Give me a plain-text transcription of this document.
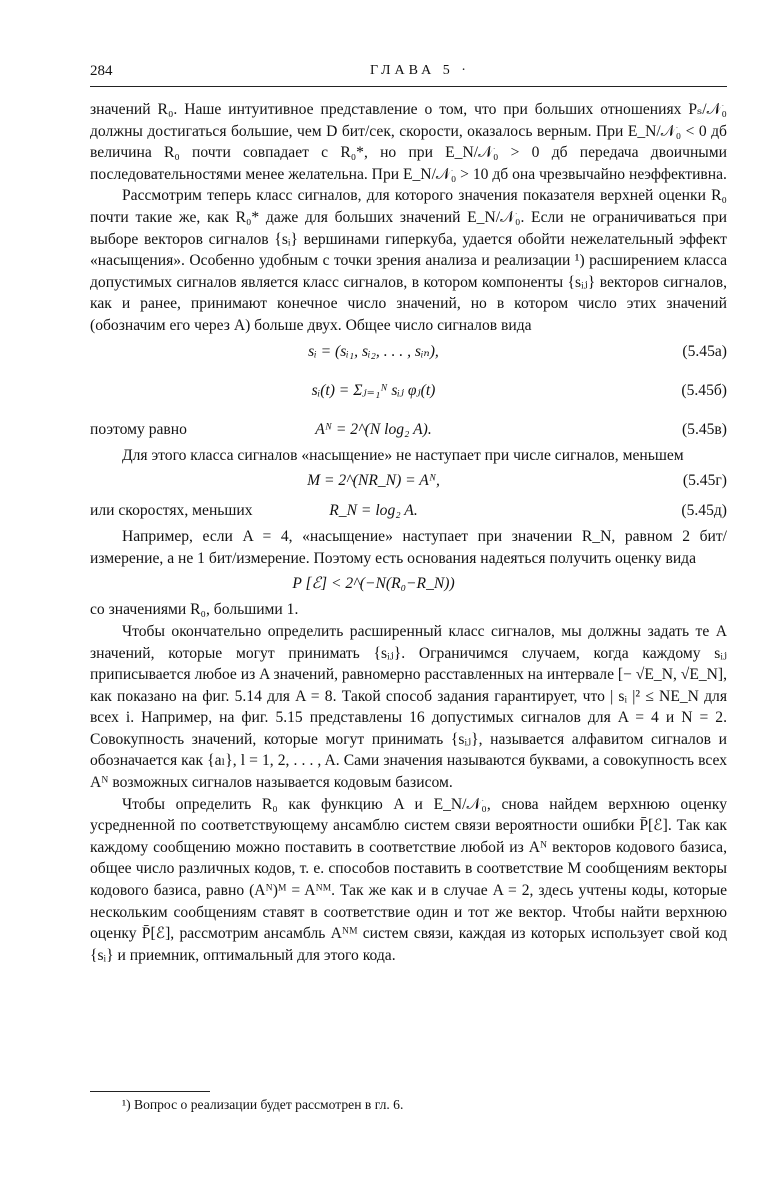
284	ГЛАВА 5 ·

значений R₀. Наше интуитивное представление о том, что при больших отношениях Pₛ/𝒩₀ должны достигаться большие, чем D бит/сек, скорости, оказалось верным. При E_N/𝒩₀ < 0 дб величина R₀ почти совпадает с R₀*, но при E_N/𝒩₀ > 0 дб передача двоичными последовательностями менее желательна. При E_N/𝒩₀ > 10 дб она чрезвычайно неэффективна.

Рассмотрим теперь класс сигналов, для которого значения показателя верхней оценки R₀ почти такие же, как R₀* даже для больших значений E_N/𝒩₀. Если не ограничиваться при выборе векторов сигналов {sᵢ} вершинами гиперкуба, удается обойти нежелательный эффект «насыщения». Особенно удобным с точки зрения анализа и реализации ¹) расширением класса допустимых сигналов является класс сигналов, в котором компоненты {sᵢⱼ} векторов сигналов, как и ранее, принимают конечное число значений, но в котором число этих значений (обозначим его через A) больше двух. Общее число сигналов вида

sᵢ = (sᵢ₁, sᵢ₂, . . . , sᵢₙ),	(5.45а)
sᵢ(t) = Σⱼ₌₁ᴺ sᵢⱼ φⱼ(t)	(5.45б)
поэтому равно	Aᴺ = 2^(N log₂ A).	(5.45в)

Для этого класса сигналов «насыщение» не наступает при числе сигналов, меньшем

M = 2^(NR_N) = Aᴺ,	(5.45г)
или скоростях, меньших	R_N = log₂ A.	(5.45д)

Например, если A = 4, «насыщение» наступает при значении R_N, равном 2 бит/измерение, а не 1 бит/измерение. Поэтому есть основания надеяться получить оценку вида

P [ℰ] < 2^(−N(R₀−R_N))

со значениями R₀, большими 1.

Чтобы окончательно определить расширенный класс сигналов, мы должны задать те A значений, которые могут принимать {sᵢⱼ}. Ограничимся случаем, когда каждому sᵢⱼ приписывается любое из A значений, равномерно расставленных на интервале [− √E_N, √E_N], как показано на фиг. 5.14 для A = 8. Такой способ задания гарантирует, что | sᵢ |² ≤ NE_N для всех i. Например, на фиг. 5.15 представлены 16 допустимых сигналов для A = 4 и N = 2. Совокупность значений, которые могут принимать {sᵢⱼ}, называется алфавитом сигналов и обозначается как {aₗ}, l = 1, 2, . . . , A. Сами значения называются буквами, а совокупность всех Aᴺ возможных сигналов называется кодовым базисом.

Чтобы определить R₀ как функцию A и E_N/𝒩₀, снова найдем верхнюю оценку усредненной по соответствующему ансамблю систем связи вероятности ошибки P̄[ℰ]. Так как каждому сообщению можно поставить в соответствие любой из Aᴺ векторов кодового базиса, общее число различных кодов, т. е. способов поставить в соответствие M сообщениям векторы кодового базиса, равно (Aᴺ)ᴹ = Aᴺᴹ. Так же как и в случае A = 2, здесь учтены коды, которые нескольким сообщениям ставят в соответствие один и тот же вектор. Чтобы найти верхнюю оценку P̄[ℰ], рассмотрим ансамбль Aᴺᴹ систем связи, каждая из которых использует свой код {sᵢ} и приемник, оптимальный для этого кода.

¹) Вопрос о реализации будет рассмотрен в гл. 6.
